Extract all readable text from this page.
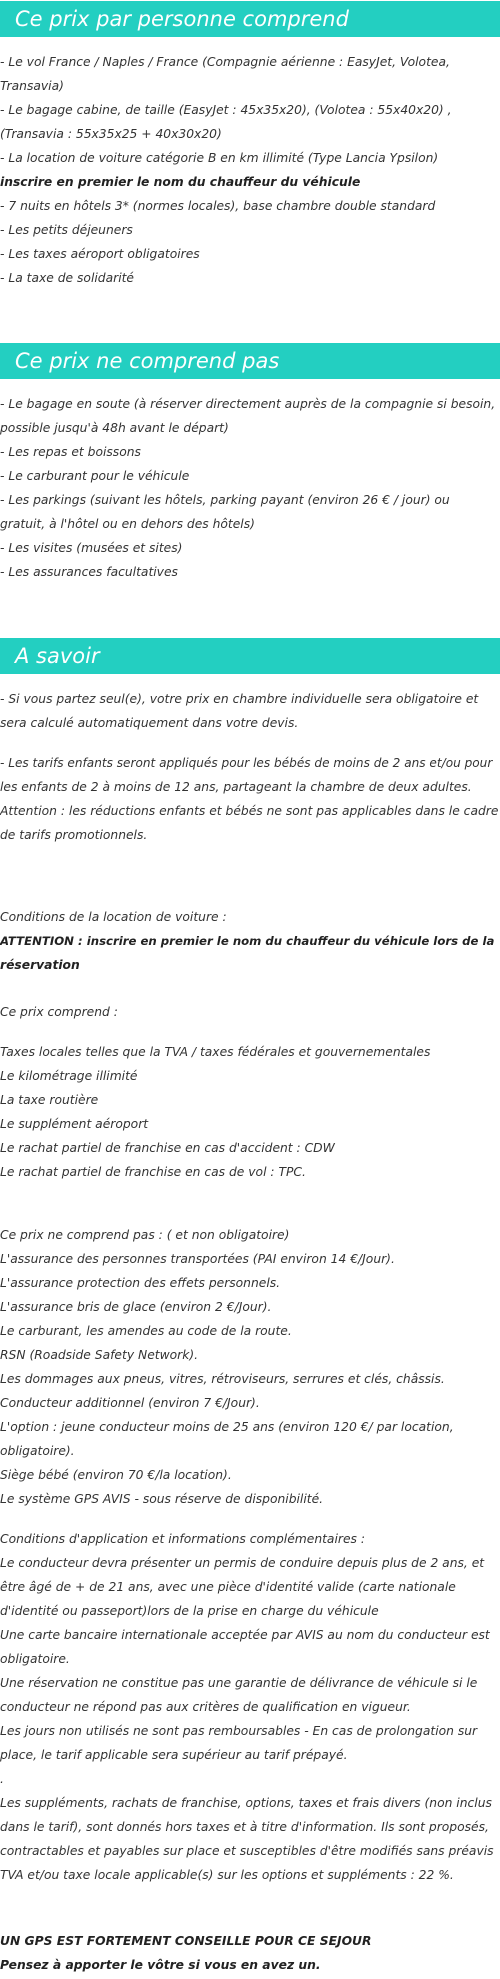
Ce prix par personne comprend
- Le vol France / Naples / France (Compagnie aérienne : EasyJet, Volotea,
Transavia)
- Le bagage cabine, de taille (EasyJet : 45x35x20), (Volotea : 55x40x20) ,
(Transavia : 55x35x25 + 40x30x20)
- La location de voiture catégorie B en km illimité (Type Lancia Ypsilon)
inscrire en premier le nom du chauffeur du véhicule
- 7 nuits en hôtels 3* (normes locales), base chambre double standard
- Les petits déjeuners
- Les taxes aéroport obligatoires
- La taxe de solidarité
Ce prix ne comprend pas
- Le bagage en soute (à réserver directement auprès de la compagnie si besoin,
possible jusqu'à 48h avant le départ)
- Les repas et boissons
- Le carburant pour le véhicule
- Les parkings (suivant les hôtels, parking payant (environ 26 € / jour) ou
gratuit, à l'hôtel ou en dehors des hôtels)
- Les visites (musées et sites)
- Les assurances facultatives
A savoir
- Si vous partez seul(e), votre prix en chambre individuelle sera obligatoire et
sera calculé automatiquement dans votre devis.
- Les tarifs enfants seront appliqués pour les bébés de moins de 2 ans et/ou pour
les enfants de 2 à moins de 12 ans, partageant la chambre de deux adultes.
Attention : les réductions enfants et bébés ne sont pas applicables dans le cadre
de tarifs promotionnels.
Conditions de la location de voiture :
ATTENTION : inscrire en premier le nom du chauffeur du véhicule lors de la
réservation
Ce prix comprend :
Taxes locales telles que la TVA / taxes fédérales et gouvernementales
Le kilométrage illimité
La taxe routière
Le supplément aéroport
Le rachat partiel de franchise en cas d'accident : CDW
Le rachat partiel de franchise en cas de vol : TPC.
Ce prix ne comprend pas : ( et non obligatoire)
L'assurance des personnes transportées (PAI environ 14 €/Jour).
L'assurance protection des effets personnels.
L'assurance bris de glace (environ 2 €/Jour).
Le carburant, les amendes au code de la route.
RSN (Roadside Safety Network).
Les dommages aux pneus, vitres, rétroviseurs, serrures et clés, châssis.
Conducteur additionnel (environ 7 €/Jour).
L'option : jeune conducteur moins de 25 ans (environ 120 €/ par location,
obligatoire).
Siège bébé (environ 70 €/la location).
Le système GPS AVIS - sous réserve de disponibilité.
Conditions d'application et informations complémentaires :
Le conducteur devra présenter un permis de conduire depuis plus de 2 ans, et
être âgé de + de 21 ans, avec une pièce d'identité valide (carte nationale
d'identité ou passeport)lors de la prise en charge du véhicule
Une carte bancaire internationale acceptée par AVIS au nom du conducteur est
obligatoire.
Une réservation ne constitue pas une garantie de délivrance de véhicule si le
conducteur ne répond pas aux critères de qualification en vigueur.
Les jours non utilisés ne sont pas remboursables - En cas de prolongation sur
place, le tarif applicable sera supérieur au tarif prépayé.
.
Les suppléments, rachats de franchise, options, taxes et frais divers (non inclus
dans le tarif), sont donnés hors taxes et à titre d'information. Ils sont proposés,
contractables et payables sur place et susceptibles d'être modifiés sans préavis
TVA et/ou taxe locale applicable(s) sur les options et suppléments : 22 %.
UN GPS EST FORTEMENT CONSEILLE POUR CE SEJOUR
Pensez à apporter le vôtre si vous en avez un.
